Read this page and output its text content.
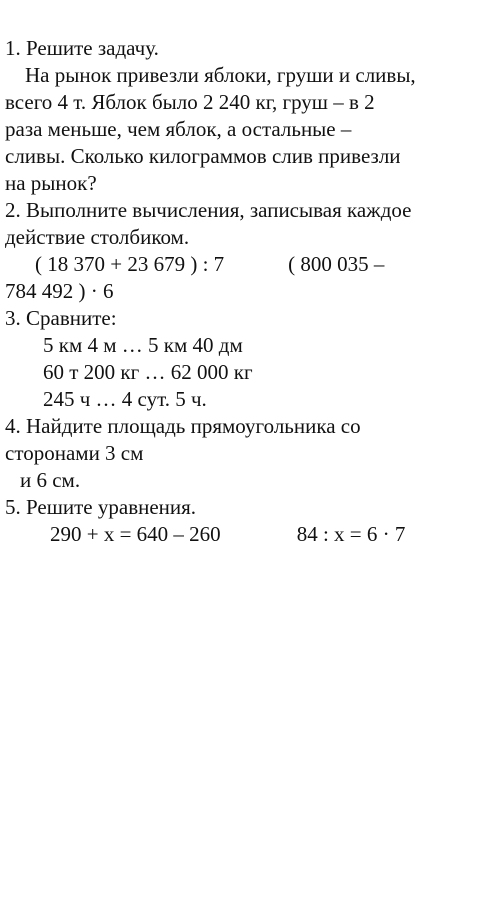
1. Решите задачу.
На рынок привезли яблоки, груши и сливы,
всего 4 т. Яблок было 2 240 кг, груш – в 2
раза меньше, чем яблок, а остальные –
сливы. Сколько килограммов слив привезли
на рынок?
2. Выполните вычисления, записывая каждое
действие столбиком.
( 18 370 + 23 679 ) : 7	( 800 035 –
784 492 ) · 6
3. Сравните:
5 км 4 м … 5 км 40 дм
60 т 200 кг … 62 000 кг
245 ч … 4 сут. 5 ч.
4. Найдите площадь прямоугольника со
сторонами 3 см
и 6 см.
5. Решите уравнения.
290 + x = 640 – 260	84 : x = 6 · 7
